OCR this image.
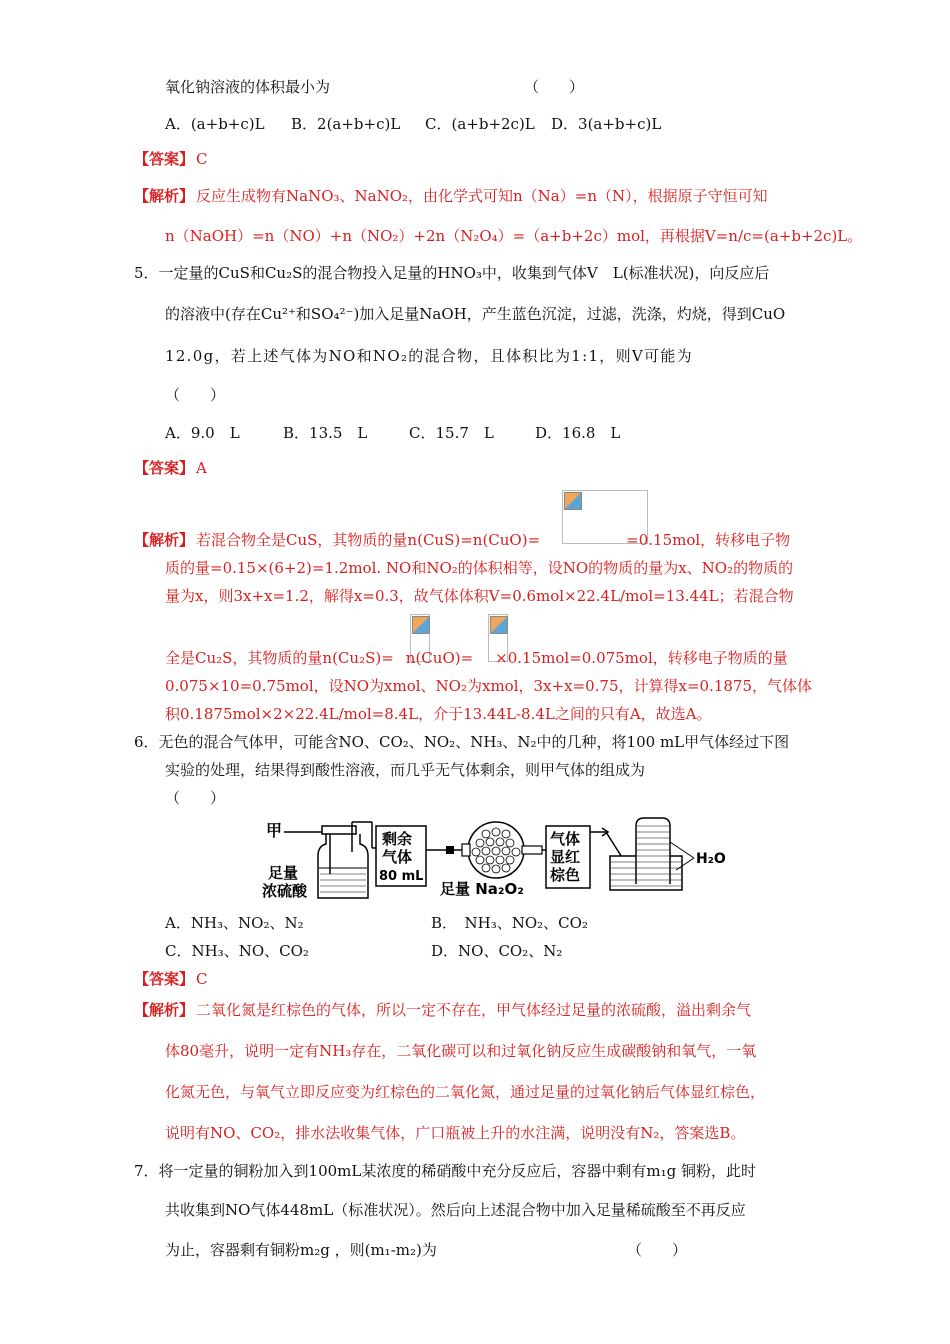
氧化钠溶液的体积最小为	（　　）
A．(a+b+c)L B．2(a+b+c)L C．(a+b+2c)L D．3(a+b+c)L
【答案】 C
【解析】 反应生成物有NaNO₃、NaNO₂，由化学式可知n（Na）=n（N），根据原子守恒可知
n（NaOH）=n（NO）+n（NO₂）+2n（N₂O₄）=（a+b+2c）mol，再根据V=n/c=(a+b+2c)L。
5．一定量的CuS和Cu₂S的混合物投入足量的HNO₃中，收集到气体V　L(标准状况)，向反应后
的溶液中(存在Cu²⁺和SO₄²⁻)加入足量NaOH，产生蓝色沉淀，过滤，洗涤，灼烧，得到CuO
12.0g，若上述气体为NO和NO₂的混合物，且体积比为1:1，则V可能为
（　　）
A．9.0　L	B．13.5　L	C．15.7　L	D．16.8　L
【答案】 A
【解析】 若混合物全是CuS，其物质的量n(CuS)=n(CuO)=	=0.15mol，转移电子物
质的量=0.15×(6+2)=1.2mol. NO和NO₂的体积相等，设NO的物质的量为x、NO₂的物质的
量为x，则3x+x=1.2，解得x=0.3，故气体体积V=0.6mol×22.4L/mol=13.44L；若混合物
全是Cu₂S，其物质的量n(Cu₂S)= n(CuO)= ×0.15mol=0.075mol，转移电子物质的量
0.075×10=0.75mol，设NO为xmol、NO₂为xmol，3x+x=0.75，计算得x=0.1875，气体体
积0.1875mol×2×22.4L/mol=8.4L，介于13.44L-8.4L之间的只有A，故选A。
6．无色的混合气体甲，可能含NO、CO₂、NO₂、NH₃、N₂中的几种，将100 mL甲气体经过下图
实验的处理，结果得到酸性溶液，而几乎无气体剩余，则甲气体的组成为
（　　）
甲
足量
浓硫酸
剩余
气体
80 mL
足量 Na₂O₂
气体
显红
棕色
H₂O
A．NH₃、NO₂、N₂	B．　NH₃、NO₂、CO₂
C．NH₃、NO、CO₂	D．NO、CO₂、N₂
【答案】 C
【解析】 二氧化氮是红棕色的气体，所以一定不存在，甲气体经过足量的浓硫酸，溢出剩余气
体80毫升，说明一定有NH₃存在，二氧化碳可以和过氧化钠反应生成碳酸钠和氧气，一氧
化氮无色，与氧气立即反应变为红棕色的二氧化氮，通过足量的过氧化钠后气体显红棕色，
说明有NO、CO₂，排水法收集气体，广口瓶被上升的水注满，说明没有N₂，答案选B。
7．将一定量的铜粉加入到100mL某浓度的稀硝酸中充分反应后，容器中剩有m₁g 铜粉，此时
共收集到NO气体448mL（标准状况）。然后向上述混合物中加入足量稀硫酸至不再反应
为止，容器剩有铜粉m₂g ，则(m₁-m₂)为	（　　）
